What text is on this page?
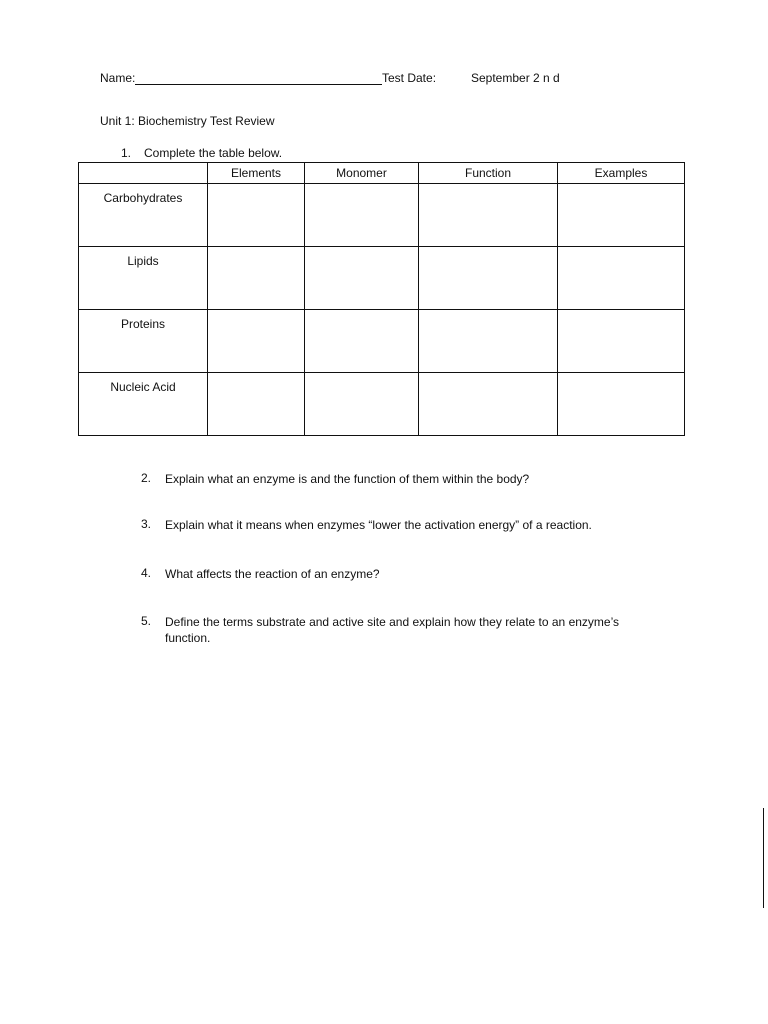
Name:	Test Date:	September 2 n d
Unit 1: Biochemistry Test Review
1. Complete the table below.
	Elements	Monomer	Function	Examples
Carbohydrates				
Lipids				
Proteins				
Nucleic Acid				
2. Explain what an enzyme is and the function of them within the body?
3. Explain what it means when enzymes “lower the activation energy” of a reaction.
4. What affects the reaction of an enzyme?
5. Define the terms substrate and active site and explain how they relate to an enzyme’s function.
